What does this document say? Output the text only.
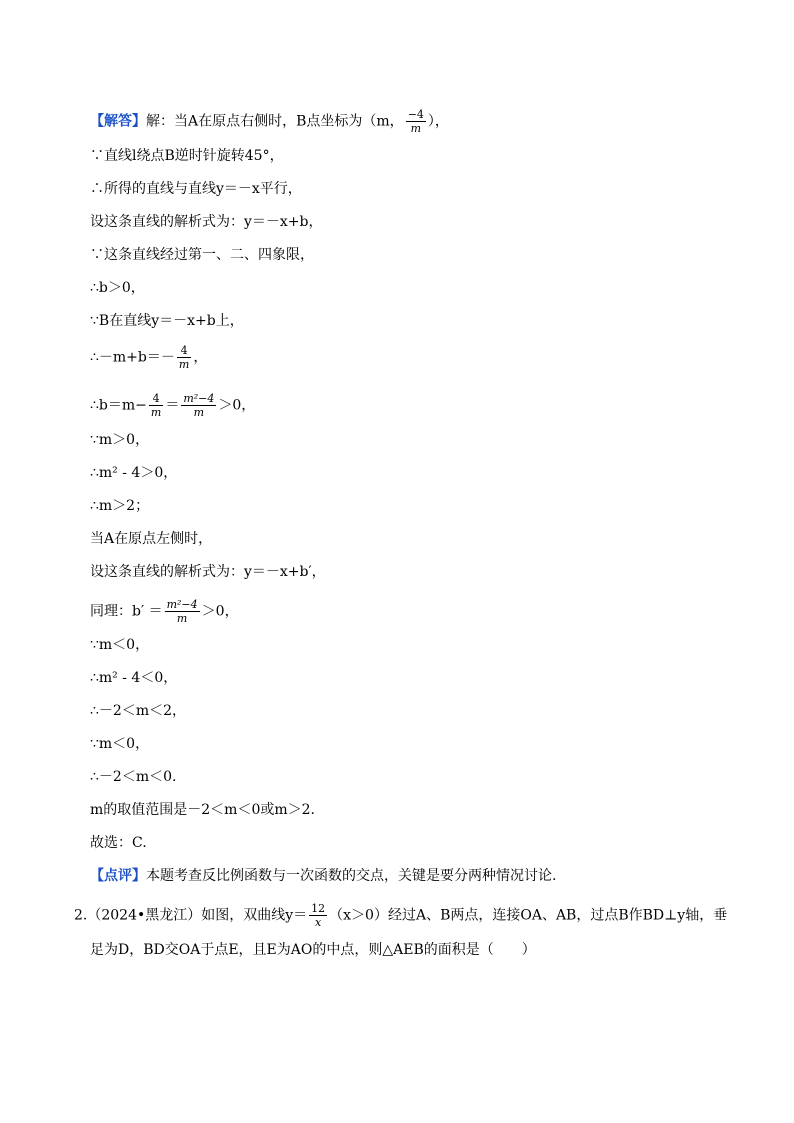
【解答】解：当A在原点右侧时，B点坐标为（m， $\frac{-4}{m}$ ），
∵直线l绕点B逆时针旋转45°，
∴所得的直线与直线y＝－x平行，
设这条直线的解析式为：y＝－x+b，
∵这条直线经过第一、二、四象限，
∴b＞0，
∵B在直线y＝－x+b上，
∴－m+b＝－ $\frac{4}{m}$ ，
∴b＝m− $\frac{4}{m} = \frac{\text{m²−4}}{m} >0$，
∵m＞0，
∴m² - 4＞0，
∴m＞2；
当A在原点左侧时，
设这条直线的解析式为：y＝－x+b′，
同理：$b' = \frac{\text{m²−4}}{m} >0$，
∵m＜0，
∴m² - 4＜0，
∴－2＜m＜2，
∵m＜0，
∴－2＜m＜0.
m的取值范围是－2＜m＜0或m＞2.
故选：C.
【点评】本题考查反比例函数与一次函数的交点，关键是要分两种情况讨论.
2.（2024•黑龙江）如图，双曲线$y= \frac{12}{x} (x>0)$经过A、B两点，连接OA、AB，过点B作BD⊥y轴，垂
足为D，BD交OA于点E，且E为AO的中点，则△AEB的面积是（　　）
